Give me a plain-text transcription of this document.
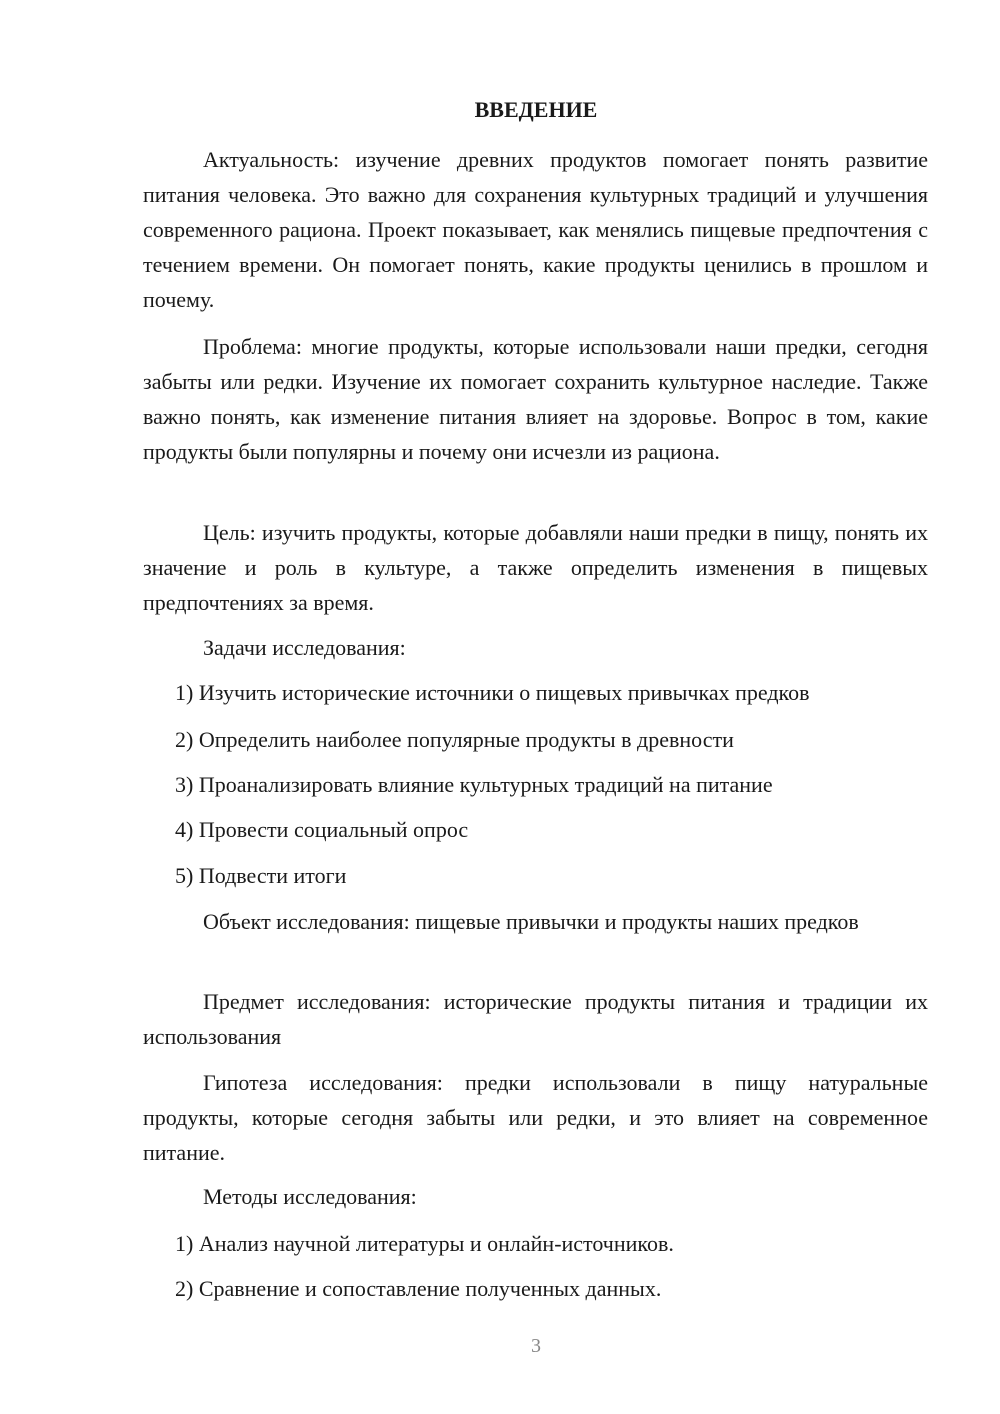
ВВЕДЕНИЕ

Актуальность: изучение древних продуктов помогает понять развитие питания человека. Это важно для сохранения культурных традиций и улучшения современного рациона. Проект показывает, как менялись пищевые предпочтения с течением времени. Он помогает понять, какие продукты ценились в прошлом и почему.

Проблема: многие продукты, которые использовали наши предки, сегодня забыты или редки. Изучение их помогает сохранить культурное наследие. Также важно понять, как изменение питания влияет на здоровье. Вопрос в том, какие продукты были популярны и почему они исчезли из рациона.

Цель: изучить продукты, которые добавляли наши предки в пищу, понять их значение и роль в культуре, а также определить изменения в пищевых предпочтениях за время.

Задачи исследования:

1) Изучить исторические источники о пищевых привычках предков

2) Определить наиболее популярные продукты в древности

3) Проанализировать влияние культурных традиций на питание

4) Провести социальный опрос

5) Подвести итоги

Объект исследования: пищевые привычки и продукты наших предков

Предмет исследования: исторические продукты питания и традиции их использования

Гипотеза исследования: предки использовали в пищу натуральные продукты, которые сегодня забыты или редки, и это влияет на современное питание.

Методы исследования:

1) Анализ научной литературы и онлайн-источников.

2) Сравнение и сопоставление полученных данных.

3
